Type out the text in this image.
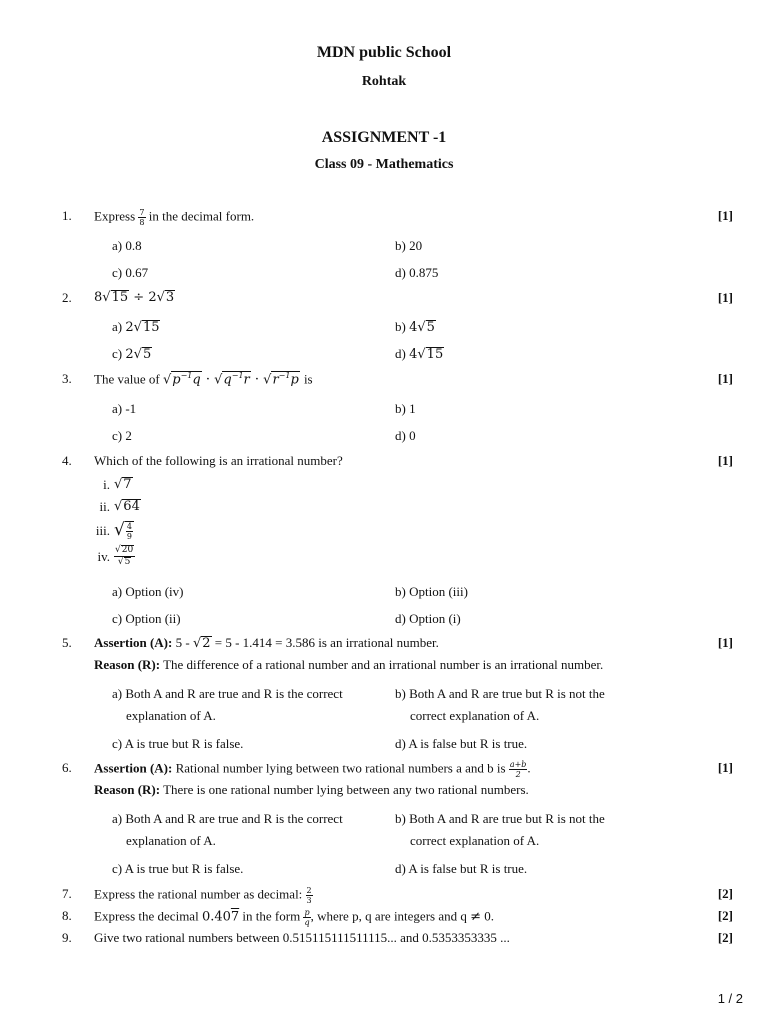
MDN public School
Rohtak
ASSIGNMENT -1
Class 09 - Mathematics
1. Express $\frac{7}{8}$ in the decimal form.	[1]
a) 0.8	b) 20
c) 0.67	d) 0.875
2. 8√15 ÷ 2√3	[1]
a) 2√15	b) 4√5
c) 2√5	d) 4√15
3. The value of $√p^{-1}q \cdot √q^{-1}r \cdot √r^{-1}p$ is	[1]
a) -1	b) 1
c) 2	d) 0
4. Which of the following is an irrational number?	[1]
i. √7
ii. √64
iii. √ $\frac{4}{9}$
iv. $\frac{√20}{√5}$
a) Option (iv)	b) Option (iii)
c) Option (ii)	d) Option (i)
5. Assertion (A): 5 - √2 = 5 - 1.414 = 3.586 is an irrational number.	[1]
Reason (R): The difference of a rational number and an irrational number is an irrational number.
a) Both A and R are true and R is the correct
explanation of A.
b) Both A and R are true but R is not the
correct explanation of A.
c) A is true but R is false.	d) A is false but R is true.
6. Assertion (A): Rational number lying between two rational numbers a and b is $\frac{a+b}{2}$ .	[1]
Reason (R): There is one rational number lying between any two rational numbers.
a) Both A and R are true and R is the correct
explanation of A.
b) Both A and R are true but R is not the
correct explanation of A.
c) A is true but R is false.	d) A is false but R is true.
7. Express the rational number as decimal: $\frac{2}{3}$	[2]
8. Express the decimal 0.407 in the form $\frac{p}{q}$ , where p, q are integers and q ≠ 0.	[2]
9. Give two rational numbers between 0.515115111511115... and 0.5353353335 ...	[2]
1 / 2
